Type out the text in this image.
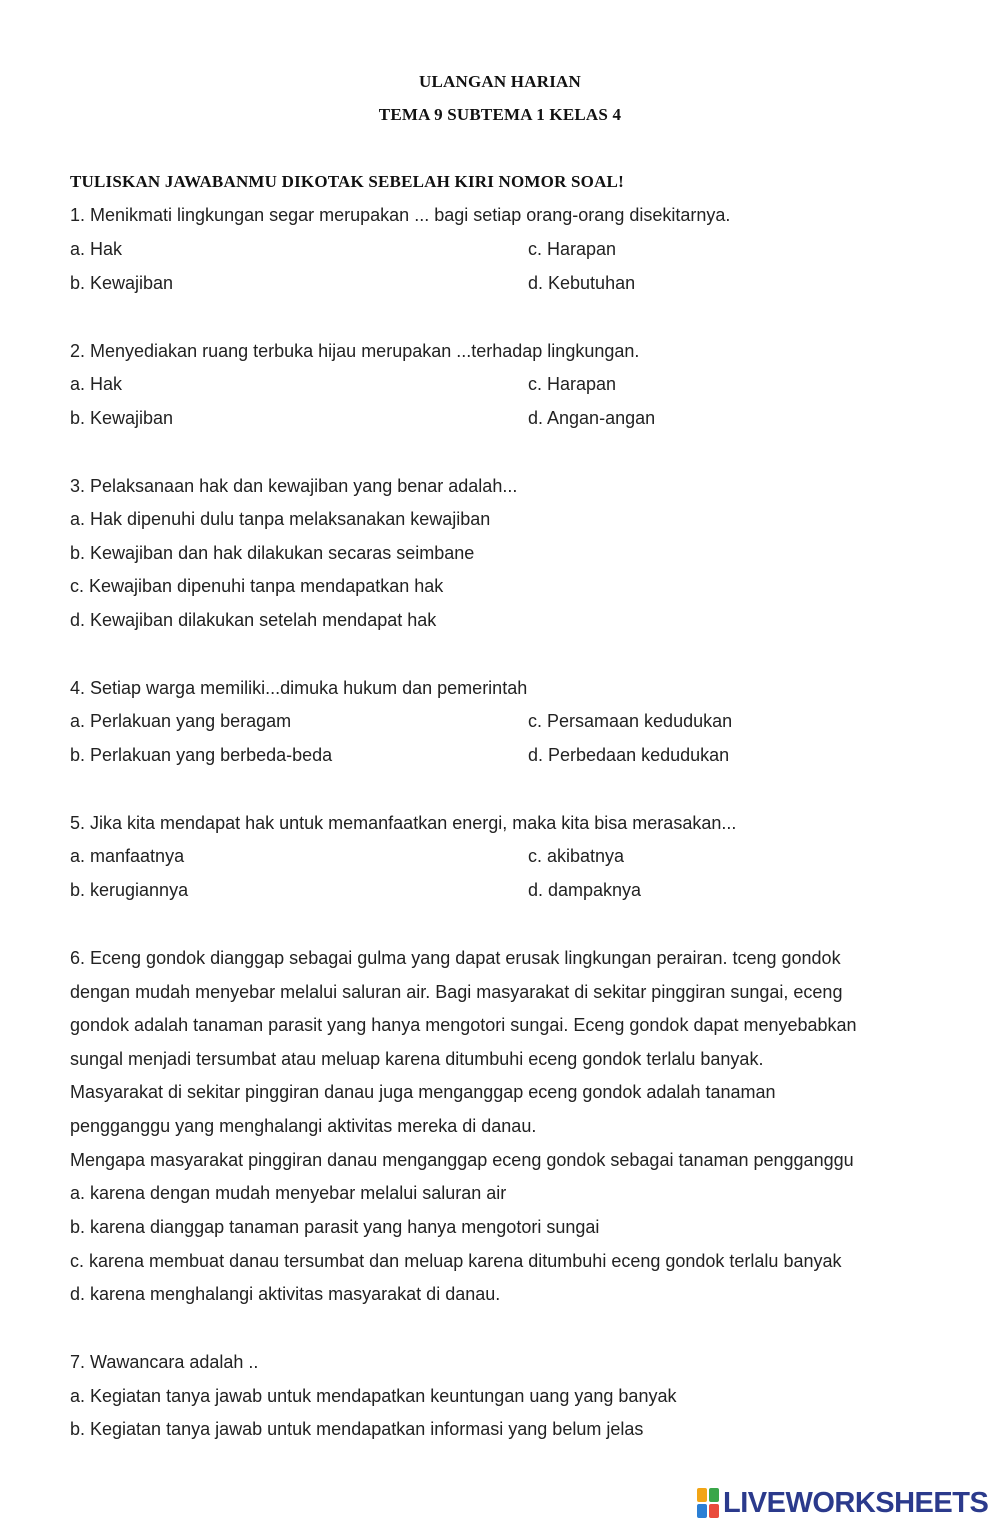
ULANGAN HARIAN
TEMA 9 SUBTEMA 1 KELAS 4
TULISKAN JAWABANMU DIKOTAK SEBELAH KIRI NOMOR SOAL!
1. Menikmati lingkungan segar merupakan ... bagi setiap orang-orang disekitarnya.
a. Hak	c. Harapan
b. Kewajiban	d. Kebutuhan
2. Menyediakan ruang terbuka hijau merupakan ...terhadap lingkungan.
a. Hak	c. Harapan
b. Kewajiban	d. Angan-angan
3. Pelaksanaan hak dan kewajiban yang benar adalah...
a. Hak dipenuhi dulu tanpa melaksanakan kewajiban
b. Kewajiban dan hak dilakukan secaras seimbane
c. Kewajiban dipenuhi tanpa mendapatkan hak
d. Kewajiban dilakukan setelah mendapat hak
4. Setiap warga memiliki...dimuka hukum dan pemerintah
a. Perlakuan yang beragam	c. Persamaan kedudukan
b. Perlakuan yang berbeda-beda	d. Perbedaan kedudukan
5. Jika kita mendapat hak untuk memanfaatkan energi, maka kita bisa merasakan...
a. manfaatnya	c. akibatnya
b. kerugiannya	d. dampaknya
6. Eceng gondok dianggap sebagai gulma yang dapat erusak lingkungan perairan. tceng gondok
dengan mudah menyebar melalui saluran air. Bagi masyarakat di sekitar pinggiran sungai, eceng
gondok adalah tanaman parasit yang hanya mengotori sungai. Eceng gondok dapat menyebabkan
sungal menjadi tersumbat atau meluap karena ditumbuhi eceng gondok terlalu banyak.
Masyarakat di sekitar pinggiran danau juga menganggap eceng gondok adalah tanaman
pengganggu yang menghalangi aktivitas mereka di danau.
Mengapa masyarakat pinggiran danau menganggap eceng gondok sebagai tanaman pengganggu
a. karena dengan mudah menyebar melalui saluran air
b. karena dianggap tanaman parasit yang hanya mengotori sungai
c. karena membuat danau tersumbat dan meluap karena ditumbuhi eceng gondok terlalu banyak
d. karena menghalangi aktivitas masyarakat di danau.
7. Wawancara adalah ..
a. Kegiatan tanya jawab untuk mendapatkan keuntungan uang yang banyak
b. Kegiatan tanya jawab untuk mendapatkan informasi yang belum jelas
LIVEWORKSHEETS
